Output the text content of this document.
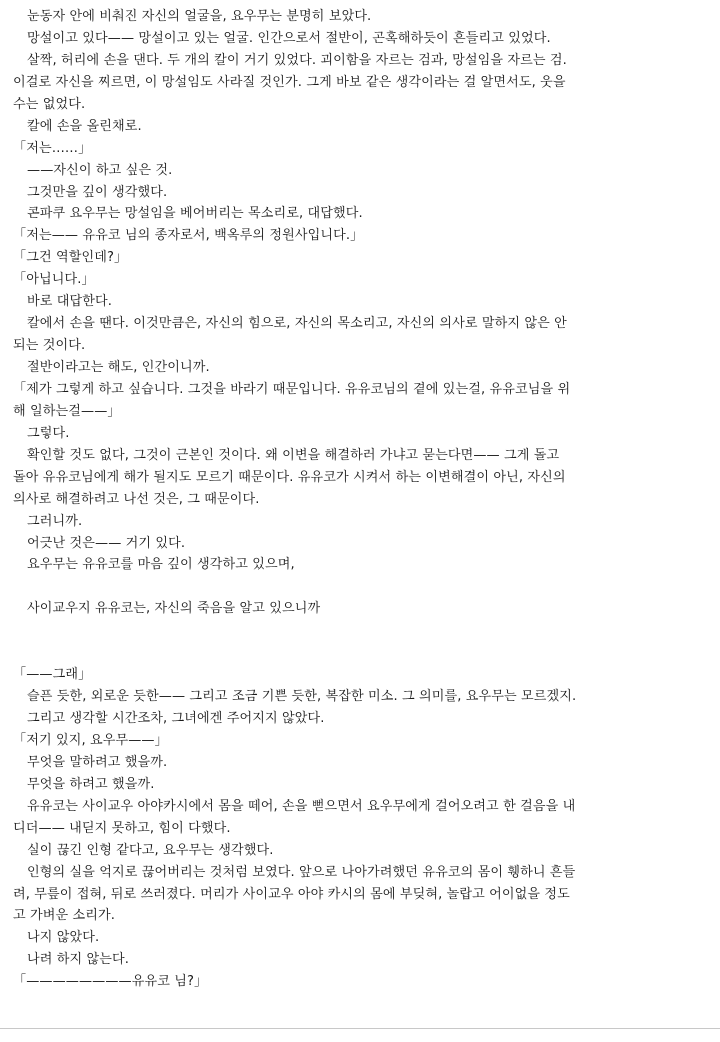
눈동자 안에 비춰진 자신의 얼굴을, 요우무는 분명히 보았다.
망설이고 있다—— 망설이고 있는 얼굴. 인간으로서 절반이, 곤혹해하듯이 흔들리고 있었다.
살짝, 허리에 손을 댄다. 두 개의 칼이 거기 있었다. 괴이함을 자르는 검과, 망설임을 자르는 검.
이걸로 자신을 찌르면, 이 망설임도 사라질 것인가. 그게 바보 같은 생각이라는 걸 알면서도, 웃을
수는 없었다.
칼에 손을 올린채로.
「저는……」
——자신이 하고 싶은 것.
그것만을 깊이 생각했다.
콘파쿠 요우무는 망설임을 베어버리는 목소리로, 대답했다.
「저는—— 유유코 님의 종자로서, 백옥루의 정원사입니다.」
「그건 역할인데?」
「아닙니다.」
바로 대답한다.
칼에서 손을 땐다. 이것만큼은, 자신의 힘으로, 자신의 목소리고, 자신의 의사로 말하지 않은 안
되는 것이다.
절반이라고는 해도, 인간이니까.
「제가 그렇게 하고 싶습니다. 그것을 바라기 때문입니다. 유유코님의 곁에 있는걸, 유유코님을 위
해 일하는걸——」
그렇다.
확인할 것도 없다, 그것이 근본인 것이다. 왜 이변을 해결하러 가냐고 묻는다면—— 그게 돌고
돌아 유유코님에게 해가 될지도 모르기 때문이다. 유유코가 시켜서 하는 이변해결이 아닌, 자신의
의사로 해결하려고 나선 것은, 그 때문이다.
그러니까.
어긋난 것은—— 거기 있다.
요우무는 유유코를 마음 깊이 생각하고 있으며,
사이교우지 유유코는, 자신의 죽음을 알고 있으니까
「——그래」
슬픈 듯한, 외로운 듯한—— 그리고 조금 기쁜 듯한, 복잡한 미소. 그 의미를, 요우무는 모르겠지.
그리고 생각할 시간조차, 그녀에겐 주어지지 않았다.
「저기 있지, 요우무——」
무엇을 말하려고 했을까.
무엇을 하려고 했을까.
유유코는 사이교우 아야카시에서 몸을 떼어, 손을 뻗으면서 요우무에게 걸어오려고 한 걸음을 내
디더—— 내딛지 못하고, 힘이 다했다.
실이 끊긴 인형 같다고, 요우무는 생각했다.
인형의 실을 억지로 끊어버리는 것처럼 보였다. 앞으로 나아가려했던 유유코의 몸이 휑하니 흔들
려, 무릎이 접혀, 뒤로 쓰러졌다. 머리가 사이교우 아야 카시의 몸에 부딪혀, 놀랍고 어이없을 정도
고 가벼운 소리가.
나지 않았다.
나려 하지 않는다.
「————————유유코 님?」
